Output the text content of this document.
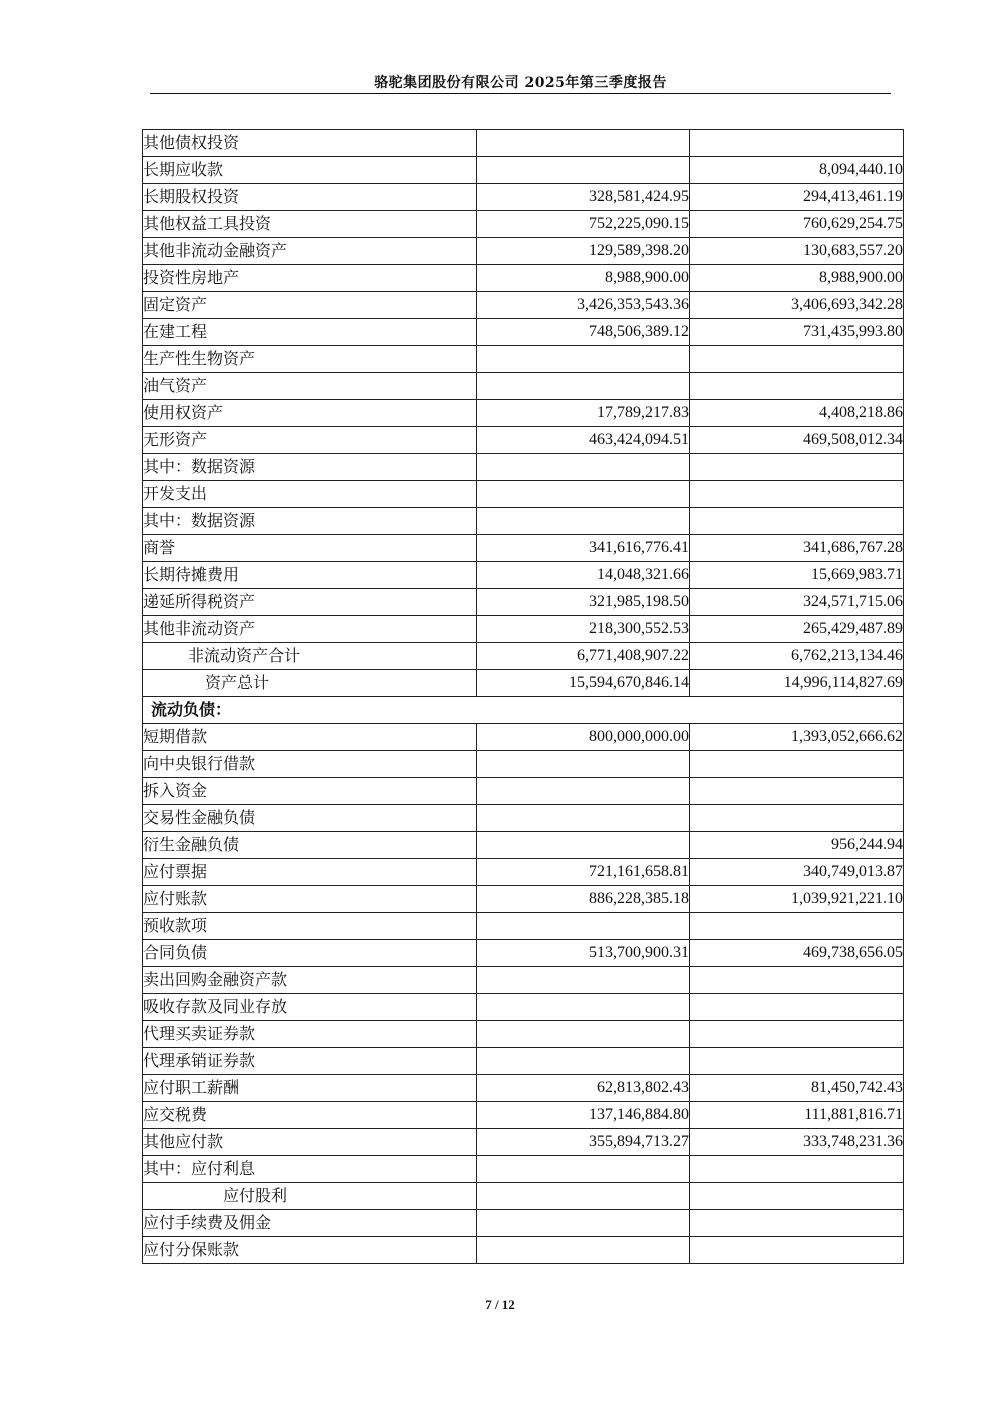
骆驼集团股份有限公司 2025年第三季度报告
其他债权投资		
长期应收款		8,094,440.10
长期股权投资	328,581,424.95	294,413,461.19
其他权益工具投资	752,225,090.15	760,629,254.75
其他非流动金融资产	129,589,398.20	130,683,557.20
投资性房地产	8,988,900.00	8,988,900.00
固定资产	3,426,353,543.36	3,406,693,342.28
在建工程	748,506,389.12	731,435,993.80
生产性生物资产		
油气资产		
使用权资产	17,789,217.83	4,408,218.86
无形资产	463,424,094.51	469,508,012.34
其中：数据资源		
开发支出		
其中：数据资源		
商誉	341,616,776.41	341,686,767.28
长期待摊费用	14,048,321.66	15,669,983.71
递延所得税资产	321,985,198.50	324,571,715.06
其他非流动资产	218,300,552.53	265,429,487.89
非流动资产合计	6,771,408,907.22	6,762,213,134.46
资产总计	15,594,670,846.14	14,996,114,827.69
流动负债：		
短期借款	800,000,000.00	1,393,052,666.62
向中央银行借款		
拆入资金		
交易性金融负债		
衍生金融负债		956,244.94
应付票据	721,161,658.81	340,749,013.87
应付账款	886,228,385.18	1,039,921,221.10
预收款项		
合同负债	513,700,900.31	469,738,656.05
卖出回购金融资产款		
吸收存款及同业存放		
代理买卖证券款		
代理承销证券款		
应付职工薪酬	62,813,802.43	81,450,742.43
应交税费	137,146,884.80	111,881,816.71
其他应付款	355,894,713.27	333,748,231.36
其中：应付利息		
应付股利		
应付手续费及佣金		
应付分保账款		
7 / 12
